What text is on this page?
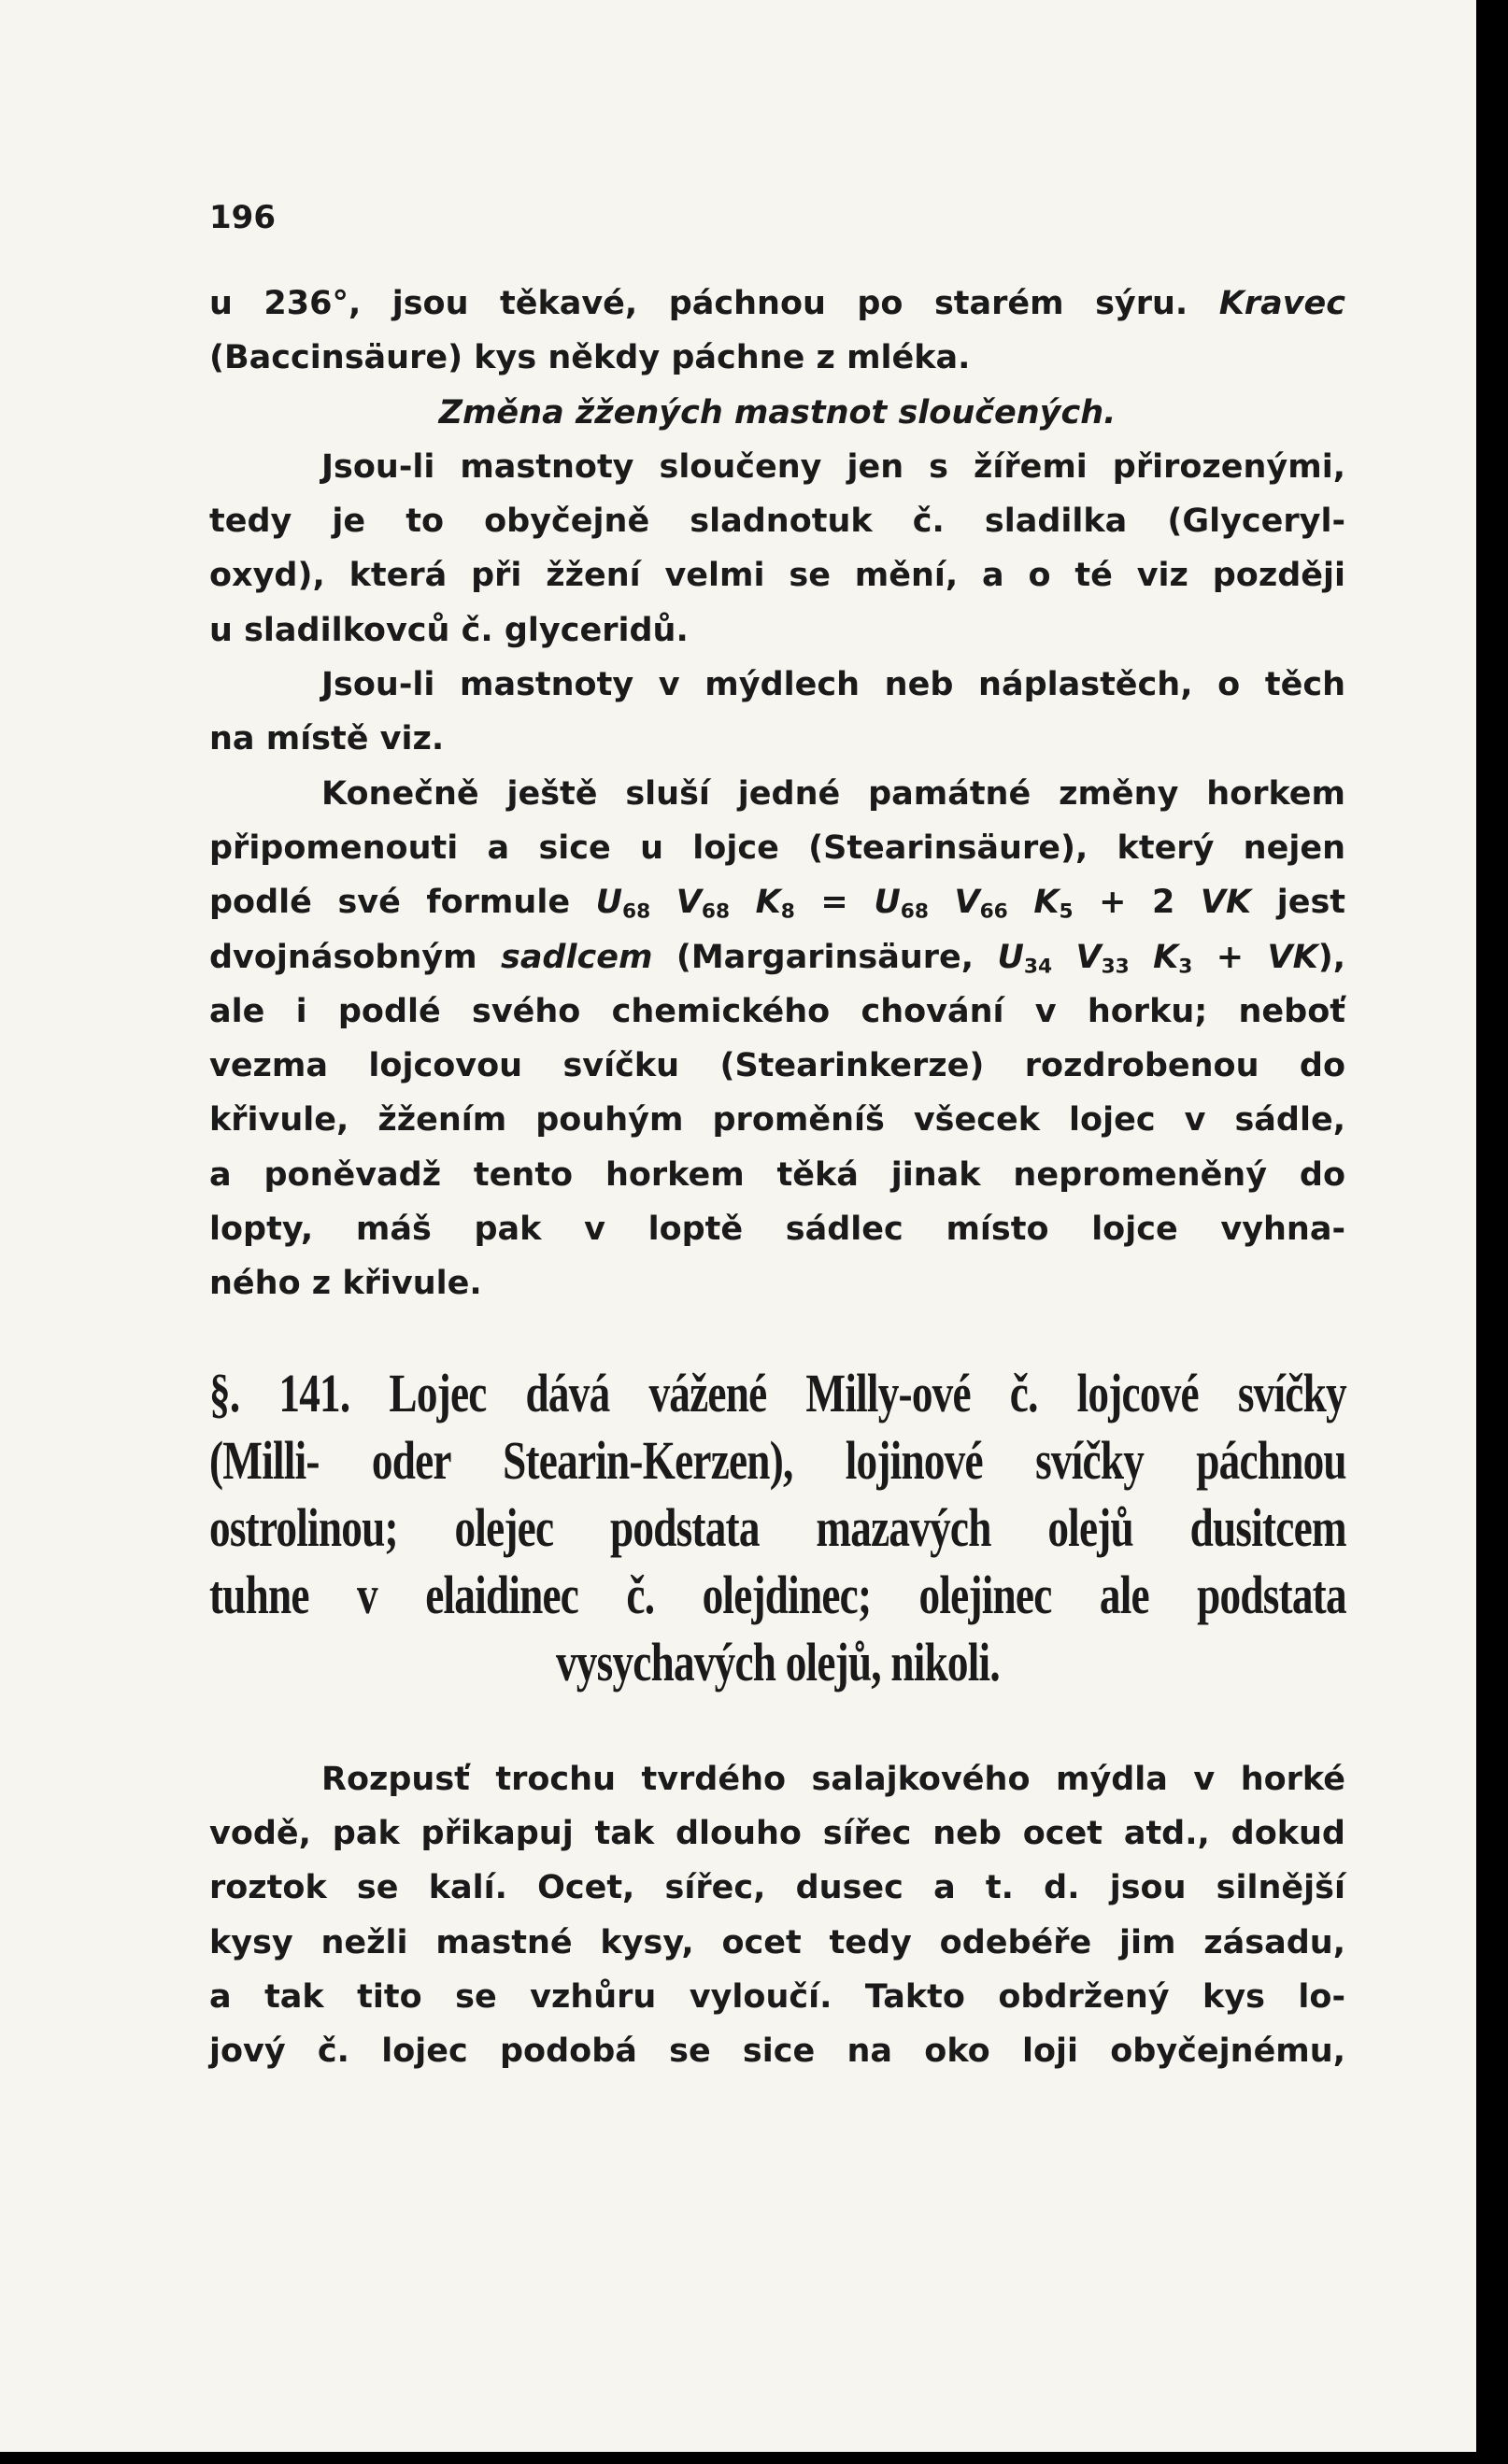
196
u 236°, jsou těkavé, páchnou po starém sýru. Kravec
(Baccinsäure) kys někdy páchne z mléka.
Změna žžených mastnot sloučených.
Jsou-li mastnoty sloučeny jen s žířemi přirozenými,
tedy je to obyčejně sladnotuk č. sladilka (Glyceryl-
oxyd), která při žžení velmi se mění, a o té viz později
u sladilkovců č. glyceridů.
Jsou-li mastnoty v mýdlech neb náplastěch, o těch
na místě viz.
Konečně ještě sluší jedné památné změny horkem
připomenouti a sice u lojce (Stearinsäure), který nejen
podlé své formule $U_{68}$ $V_{68}$ $K_8 = U_{68}$ $V_{66}$ $K_5 + 2$ VK jest
dvojnásobným sadlcem (Margarinsäure, $U_{34}$ $V_{33}$ $K_3 + VK$),
ale i podlé svého chemického chování v horku; neboť
vezma lojcovou svíčku (Stearinkerze) rozdrobenou do
křivule, žžením pouhým proměníš všecek lojec v sádle,
a poněvadž tento horkem těká jinak nepromeněný do
lopty, máš pak v loptě sádlec místo lojce vyhna-
ného z křivule.
§. 141. Lojec dává vážené Milly-ové č. lojcové svíčky
(Milli- oder Stearin-Kerzen), lojinové svíčky páchnou
ostrolinou; olejec podstata mazavých olejů dusitcem
tuhne v elaidinec č. olejdinec; olejinec ale podstata
vysychavých olejů, nikoli.
Rozpusť trochu tvrdého salajkového mýdla v horké
vodě, pak přikapuj tak dlouho sířec neb ocet atd., dokud
roztok se kalí. Ocet, sířec, dusec a t. d. jsou silnější
kysy nežli mastné kysy, ocet tedy odebéře jim zásadu,
a tak tito se vzhůru vyloučí. Takto obdržený kys lo-
jový č. lojec podobá se sice na oko loji obyčejnému,
